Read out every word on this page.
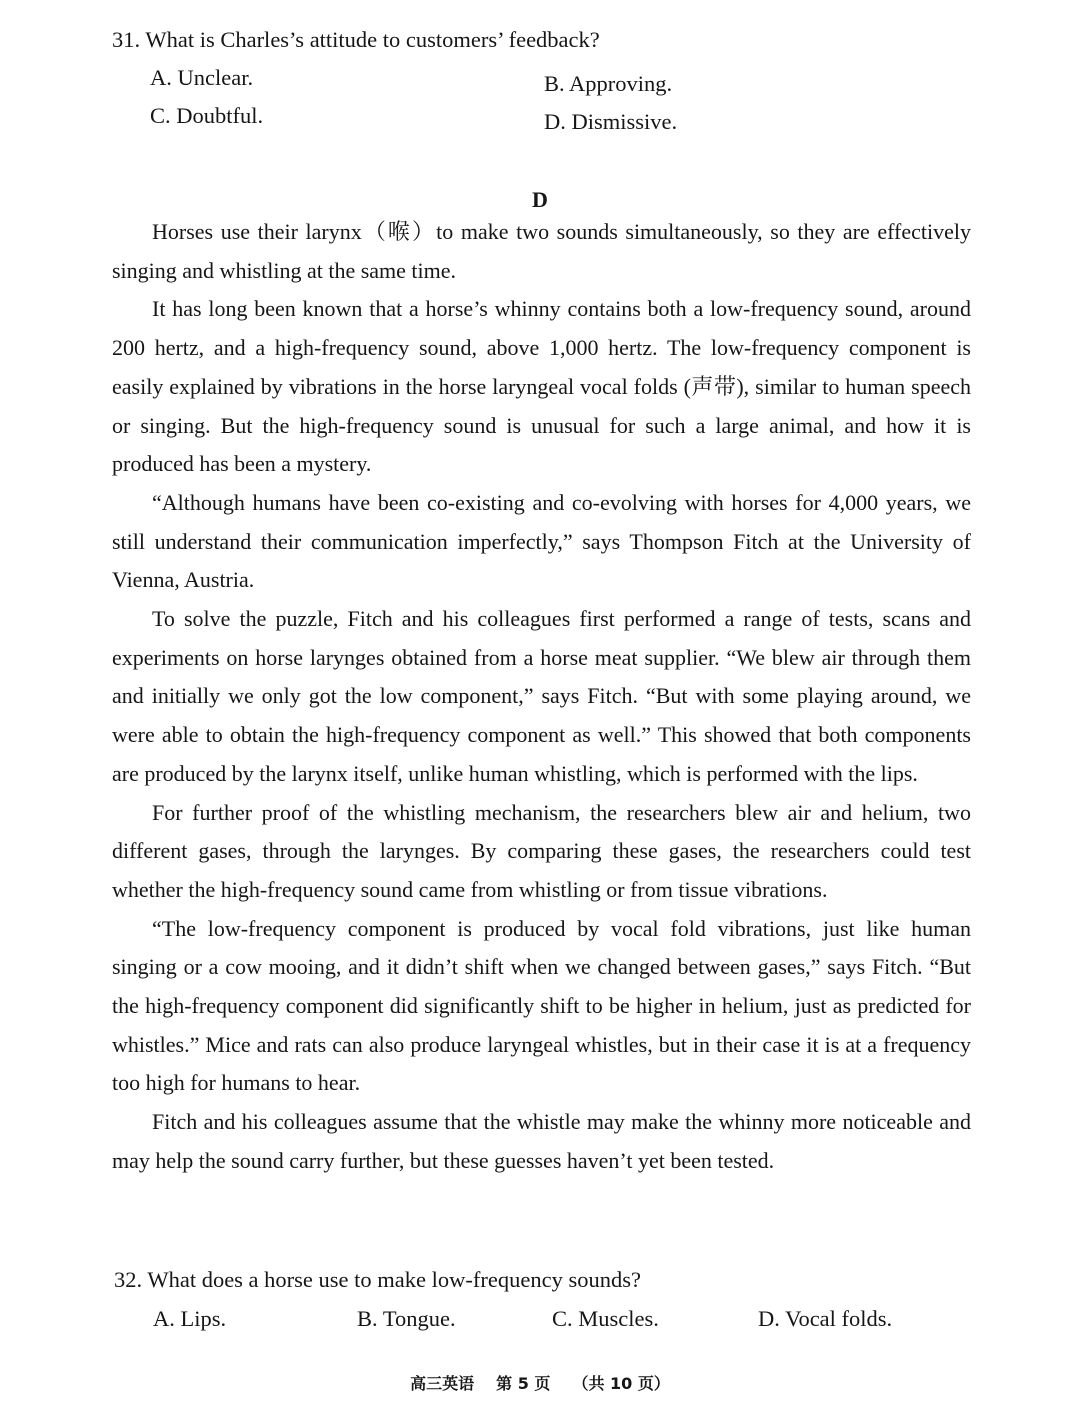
31. What is Charles’s attitude to customers’ feedback?
A. Unclear.	B. Approving.
C. Doubtful.	D. Dismissive.
D

Horses use their larynx（喉）to make two sounds simultaneously, so they are effectively singing and whistling at the same time.

It has long been known that a horse’s whinny contains both a low-frequency sound, around 200 hertz, and a high-frequency sound, above 1,000 hertz. The low-frequency component is easily explained by vibrations in the horse laryngeal vocal folds (声带), similar to human speech or singing. But the high-frequency sound is unusual for such a large animal, and how it is produced has been a mystery.

“Although humans have been co-existing and co-evolving with horses for 4,000 years, we still understand their communication imperfectly,” says Thompson Fitch at the University of Vienna, Austria.

To solve the puzzle, Fitch and his colleagues first performed a range of tests, scans and experiments on horse larynges obtained from a horse meat supplier. “We blew air through them and initially we only got the low component,” says Fitch. “But with some playing around, we were able to obtain the high-frequency component as well.” This showed that both components are produced by the larynx itself, unlike human whistling, which is performed with the lips.

For further proof of the whistling mechanism, the researchers blew air and helium, two different gases, through the larynges. By comparing these gases, the researchers could test whether the high-frequency sound came from whistling or from tissue vibrations.

“The low-frequency component is produced by vocal fold vibrations, just like human singing or a cow mooing, and it didn’t shift when we changed between gases,” says Fitch. “But the high-frequency component did significantly shift to be higher in helium, just as predicted for whistles.” Mice and rats can also produce laryngeal whistles, but in their case it is at a frequency too high for humans to hear.

Fitch and his colleagues assume that the whistle may make the whinny more noticeable and may help the sound carry further, but these guesses haven’t yet been tested.

32. What does a horse use to make low-frequency sounds?
A. Lips.	B. Tongue.	C. Muscles.	D. Vocal folds.
高三英语 第 5 页 （共 10 页）
